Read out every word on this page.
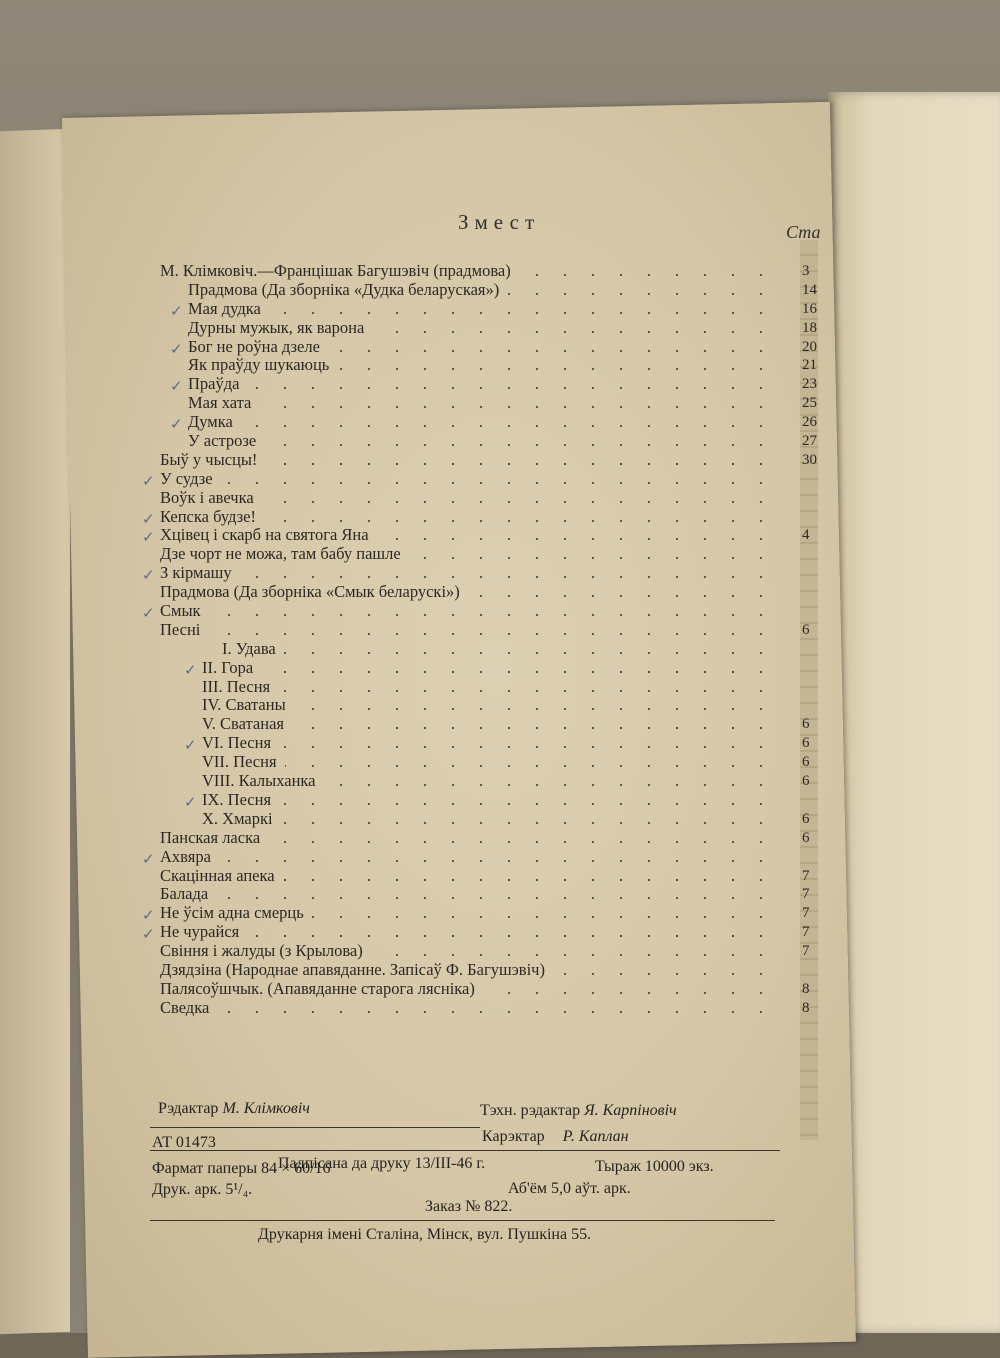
Змест	Ста
М. Клімковіч.—Францішак Багушэвіч (прадмова)	3
Прадмова (Да зборніка «Дудка беларуская»)	14
✓ Мая дудка	16
Дурны мужык, як варона	18
✓ Бог не роўна дзеле	20
Як праўду шукаюць	21
✓ Праўда	23
Мая хата	25
✓ Думка	26
У астрозе	27
Быў у чысцы!	30
✓ У судзе
Воўк і авечка
✓ Кепска будзе!
✓ Хцівец і скарб на святога Яна	4
Дзе чорт не можа, там бабу пашле
✓ З кірмашу
Прадмова (Да зборніка «Смык беларускі»)
✓ Смык
Песні	6
I. Удава
✓ II. Гора
III. Песня
IV. Сватаны
V. Сватаная	6
✓ VI. Песня	6
VII. Песня	6
VIII. Калыханка	6
✓ IX. Песня
X. Хмаркі	6
Панская ласка	6
✓ Ахвяра
Скацінная апека	7
Балада	7
✓ Не ўсім адна смерць	7
✓ Не чурайся	7
Свіння і жалуды (з Крылова)	7
Дзядзіна (Народнае апавяданне. Запісаў Ф. Багушэвіч)
Палясоўшчык. (Апавяданне старога лясніка)	8
Сведка	8
Рэдактар М. Клімковіч	Тэхн. рэдактар Я. Карпіновіч
Карэктар Р. Каплан
АТ 01473
Падпісана да друку 13/III-46 г.	Тыраж 10000 экз.
Фармат паперы 84 × 60/16
Друк. арк. 5¹/₄.	Аб'ём 5,0 аўт. арк.
Заказ № 822.
Друкарня імені Сталіна, Мінск, вул. Пушкіна 55.
